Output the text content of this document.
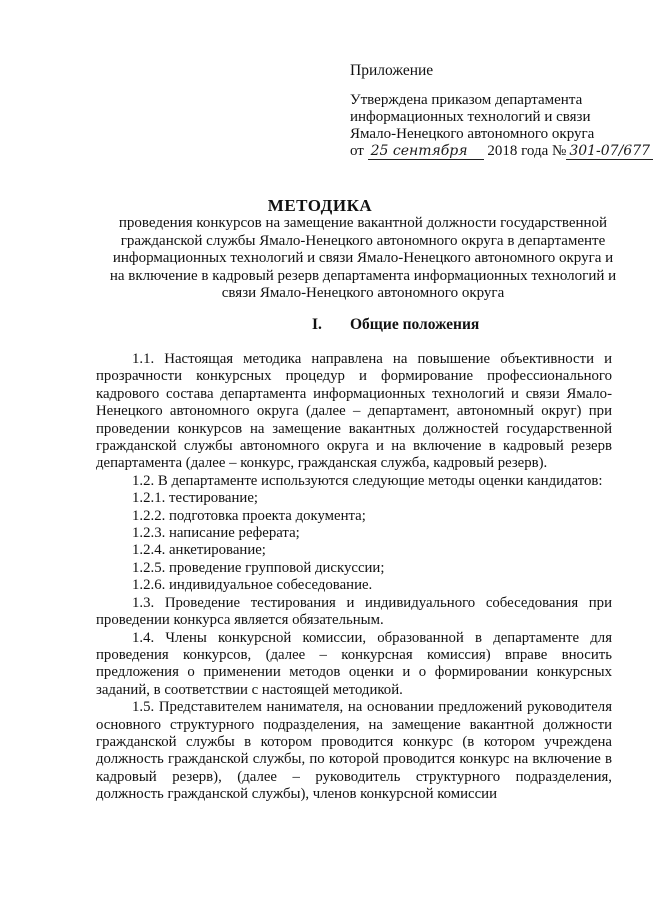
Приложение
Утверждена приказом департамента
информационных технологий и связи
Ямало-Ненецкого автономного округа
от 25 сентября 2018 года № 301-07/677
МЕТОДИКА
проведения конкурсов на замещение вакантной должности государственной гражданской службы Ямало-Ненецкого автономного округа в департаменте информационных технологий и связи Ямало-Ненецкого автономного округа и на включение в кадровый резерв департамента информационных технологий и связи Ямало-Ненецкого автономного округа
I. Общие положения

1.1. Настоящая методика направлена на повышение объективности и прозрачности конкурсных процедур и формирование профессионального кадрового состава департамента информационных технологий и связи Ямало-Ненецкого автономного округа (далее – департамент, автономный округ) при проведении конкурсов на замещение вакантных должностей государственной гражданской службы автономного округа и на включение в кадровый резерв департамента (далее – конкурс, гражданская служба, кадровый резерв).

1.2. В департаменте используются следующие методы оценки кандидатов:

1.2.1. тестирование;

1.2.2. подготовка проекта документа;

1.2.3. написание реферата;

1.2.4. анкетирование;

1.2.5. проведение групповой дискуссии;

1.2.6. индивидуальное собеседование.

1.3. Проведение тестирования и индивидуального собеседования при проведении конкурса является обязательным.

1.4. Члены конкурсной комиссии, образованной в департаменте для проведения конкурсов, (далее – конкурсная комиссия) вправе вносить предложения о применении методов оценки и о формировании конкурсных заданий, в соответствии с настоящей методикой.

1.5. Представителем нанимателя, на основании предложений руководителя основного структурного подразделения, на замещение вакантной должности гражданской службы в котором проводится конкурс (в котором учреждена должность гражданской службы, по которой проводится конкурс на включение в кадровый резерв), (далее – руководитель структурного подразделения, должность гражданской службы), членов конкурсной комиссии
